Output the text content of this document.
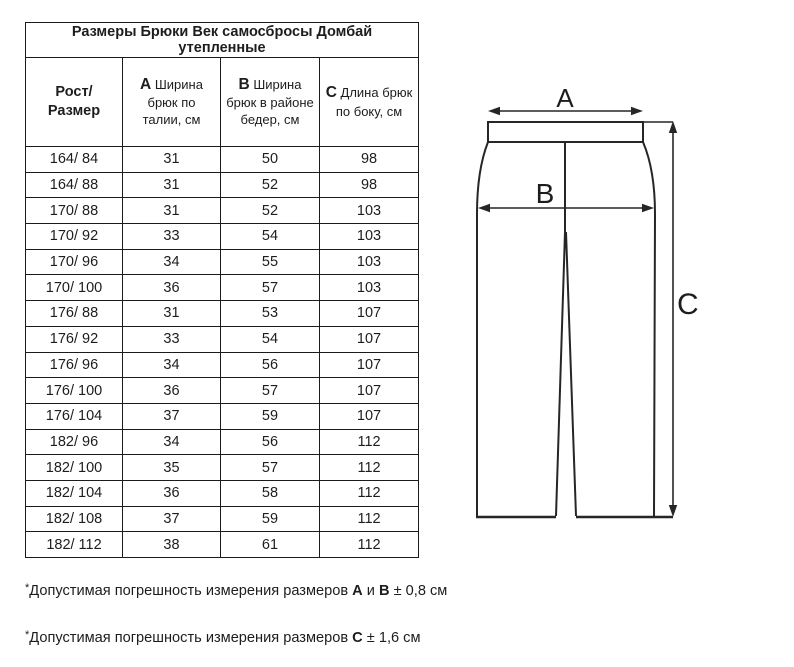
Размеры Брюки Век самосбросы Домбай утепленные			
Рост/Размер	A Ширина брюк по талии, см	B Ширина брюк в районе бедер, см	C Длина брюк по боку, см
164/ 84	31	50	98
164/ 88	31	52	98
170/ 88	31	52	103
170/ 92	33	54	103
170/ 96	34	55	103
170/ 100	36	57	103
176/ 88	31	53	107
176/ 92	33	54	107
176/ 96	34	56	107
176/ 100	36	57	107
176/ 104	37	59	107
182/ 96	34	56	112
182/ 100	35	57	112
182/ 104	36	58	112
182/ 108	37	59	112
182/ 112	38	61	112
A
B
C

*Допустимая погрешность измерения размеров A и B ± 0,8 см

*Допустимая погрешность измерения размеров C ± 1,6 см
